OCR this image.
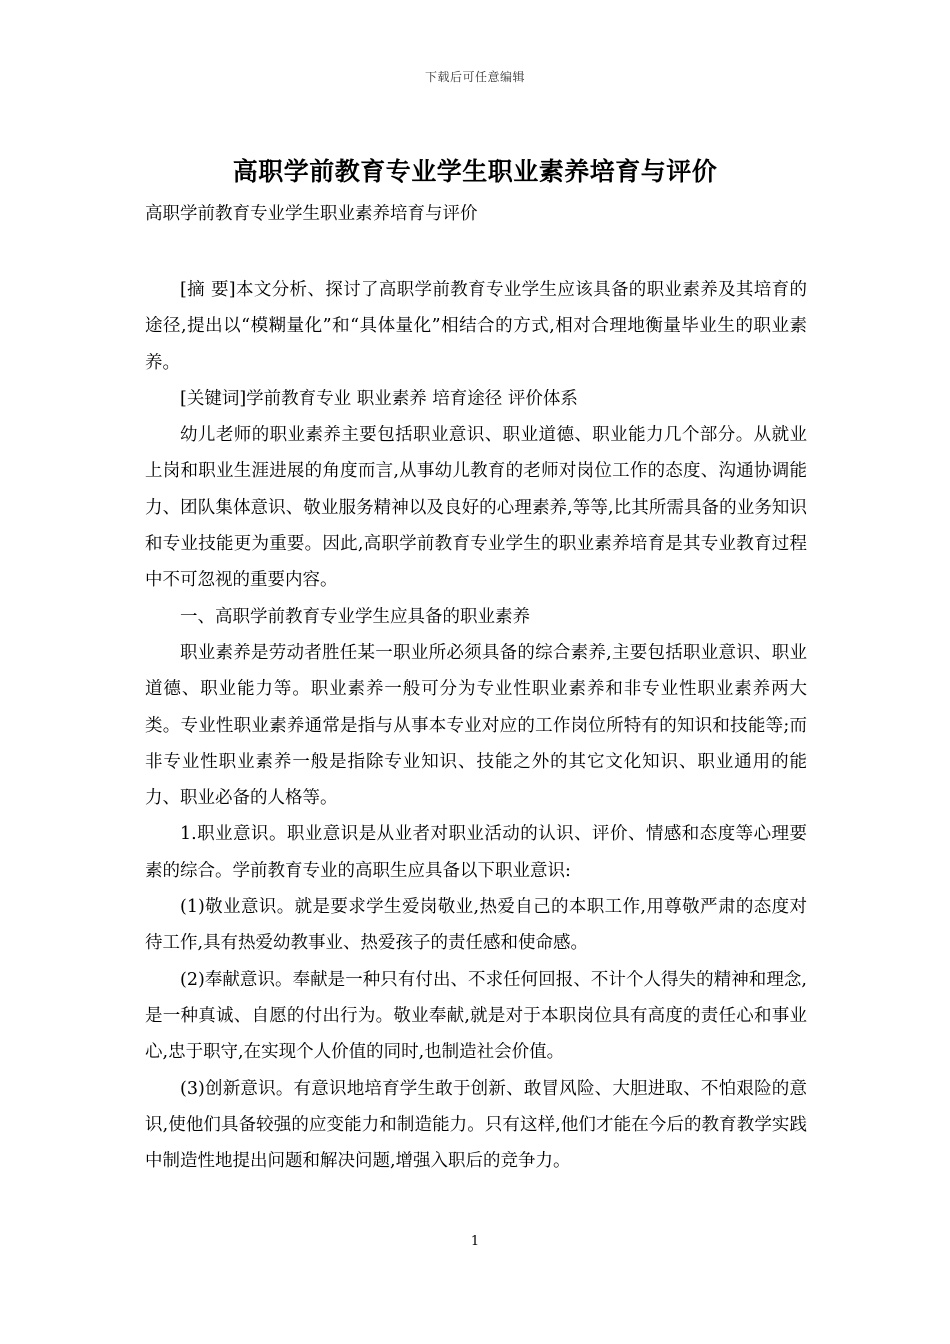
下载后可任意编辑
高职学前教育专业学生职业素养培育与评价
高职学前教育专业学生职业素养培育与评价

[摘 要]本文分析、探讨了高职学前教育专业学生应该具备的职业素养及其培育的途径,提出以“模糊量化”和“具体量化”相结合的方式,相对合理地衡量毕业生的职业素养。

[关键词]学前教育专业 职业素养 培育途径 评价体系

幼儿老师的职业素养主要包括职业意识、职业道德、职业能力几个部分。从就业上岗和职业生涯进展的角度而言,从事幼儿教育的老师对岗位工作的态度、沟通协调能力、团队集体意识、敬业服务精神以及良好的心理素养,等等,比其所需具备的业务知识和专业技能更为重要。因此,高职学前教育专业学生的职业素养培育是其专业教育过程中不可忽视的重要内容。

一、高职学前教育专业学生应具备的职业素养

职业素养是劳动者胜任某一职业所必须具备的综合素养,主要包括职业意识、职业道德、职业能力等。职业素养一般可分为专业性职业素养和非专业性职业素养两大类。专业性职业素养通常是指与从事本专业对应的工作岗位所特有的知识和技能等;而非专业性职业素养一般是指除专业知识、技能之外的其它文化知识、职业通用的能力、职业必备的人格等。

1.职业意识。职业意识是从业者对职业活动的认识、评价、情感和态度等心理要素的综合。学前教育专业的高职生应具备以下职业意识:

(1)敬业意识。就是要求学生爱岗敬业,热爱自己的本职工作,用尊敬严肃的态度对待工作,具有热爱幼教事业、热爱孩子的责任感和使命感。

(2)奉献意识。奉献是一种只有付出、不求任何回报、不计个人得失的精神和理念,是一种真诚、自愿的付出行为。敬业奉献,就是对于本职岗位具有高度的责任心和事业心,忠于职守,在实现个人价值的同时,也制造社会价值。

(3)创新意识。有意识地培育学生敢于创新、敢冒风险、大胆进取、不怕艰险的意识,使他们具备较强的应变能力和制造能力。只有这样,他们才能在今后的教育教学实践中制造性地提出问题和解决问题,增强入职后的竞争力。

1
